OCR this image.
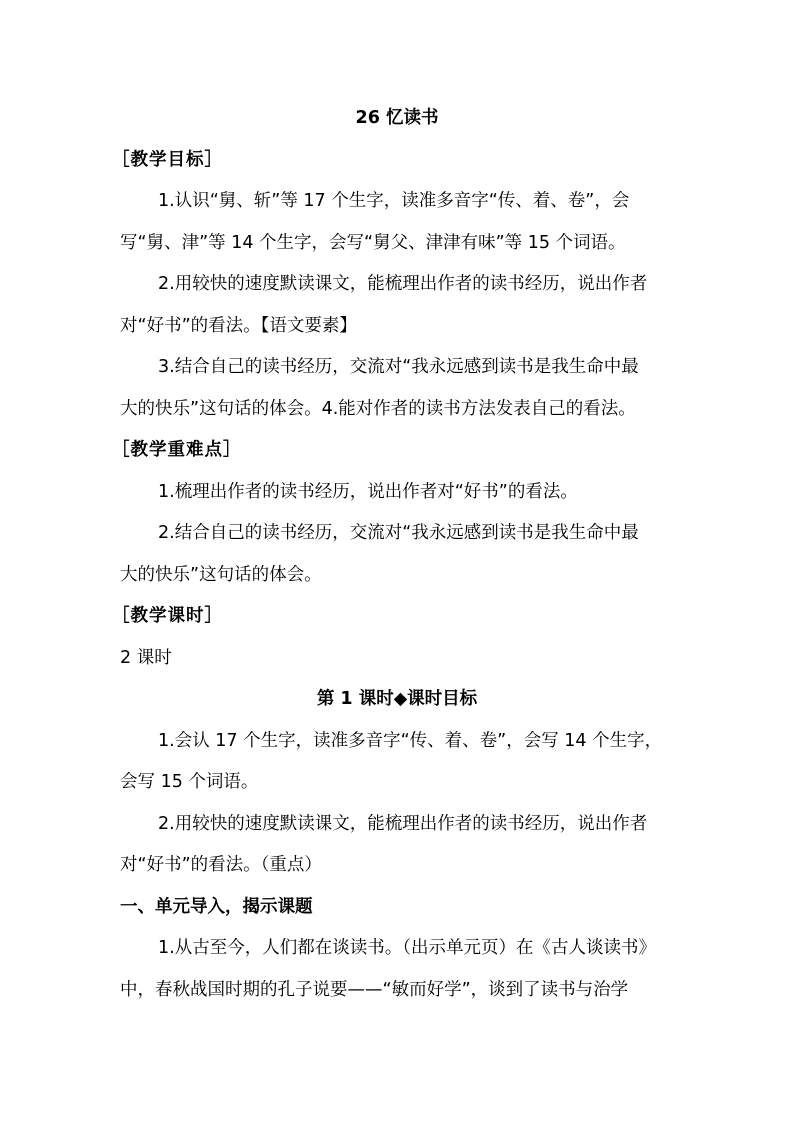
26 忆读书
［教学目标］
1.认识“舅、斩”等 17 个生字，读准多音字“传、着、卷”，会
写“舅、津”等 14 个生字，会写“舅父、津津有味”等 15 个词语。
2.用较快的速度默读课文，能梳理出作者的读书经历，说出作者
对“好书”的看法。【语文要素】
3.结合自己的读书经历，交流对“我永远感到读书是我生命中最
大的快乐”这句话的体会。4.能对作者的读书方法发表自己的看法。
［教学重难点］
1.梳理出作者的读书经历，说出作者对“好书”的看法。
2.结合自己的读书经历，交流对“我永远感到读书是我生命中最
大的快乐”这句话的体会。
［教学课时］
2 课时
第 1 课时◆课时目标
1.会认 17 个生字，读准多音字“传、着、卷”，会写 14 个生字，
会写 15 个词语。
2.用较快的速度默读课文，能梳理出作者的读书经历，说出作者
对“好书”的看法。（重点）
一、单元导入，揭示课题
1.从古至今，人们都在谈读书。（出示单元页）在《古人谈读书》
中，春秋战国时期的孔子说要——“敏而好学”，谈到了读书与治学
